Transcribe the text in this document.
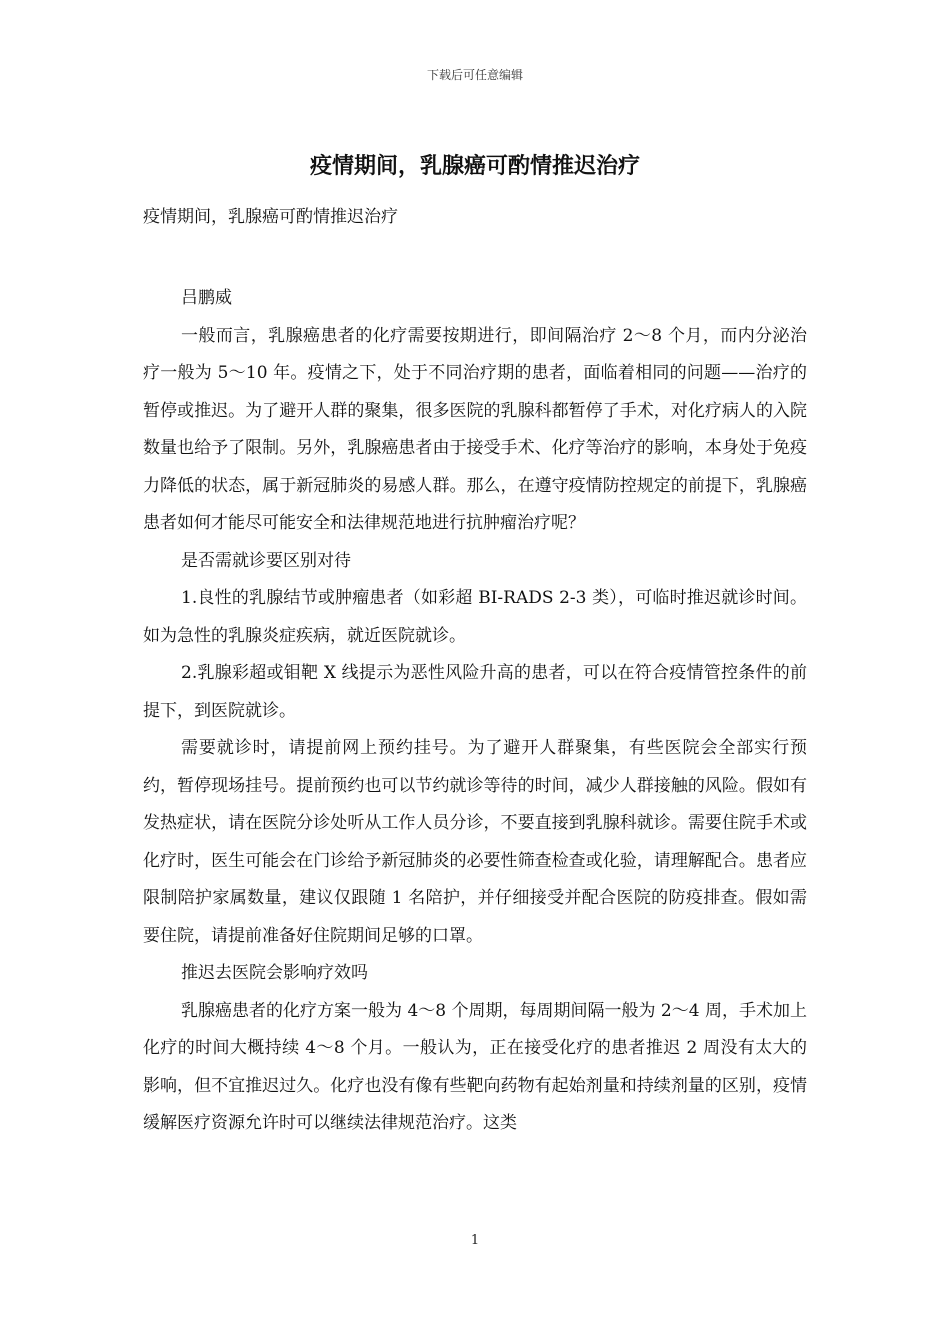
下载后可任意编辑
疫情期间，乳腺癌可酌情推迟治疗

疫情期间，乳腺癌可酌情推迟治疗

吕鹏威

一般而言，乳腺癌患者的化疗需要按期进行，即间隔治疗 2～8 个月，而内分泌治疗一般为 5～10 年。疫情之下，处于不同治疗期的患者，面临着相同的问题——治疗的暂停或推迟。为了避开人群的聚集，很多医院的乳腺科都暂停了手术，对化疗病人的入院数量也给予了限制。另外，乳腺癌患者由于接受手术、化疗等治疗的影响，本身处于免疫力降低的状态，属于新冠肺炎的易感人群。那么，在遵守疫情防控规定的前提下，乳腺癌患者如何才能尽可能安全和法律规范地进行抗肿瘤治疗呢？

是否需就诊要区别对待

1.良性的乳腺结节或肿瘤患者（如彩超 BI-RADS 2-3 类），可临时推迟就诊时间。如为急性的乳腺炎症疾病，就近医院就诊。

2.乳腺彩超或钼靶 X 线提示为恶性风险升高的患者，可以在符合疫情管控条件的前提下，到医院就诊。

需要就诊时，请提前网上预约挂号。为了避开人群聚集，有些医院会全部实行预约，暂停现场挂号。提前预约也可以节约就诊等待的时间，减少人群接触的风险。假如有发热症状，请在医院分诊处听从工作人员分诊，不要直接到乳腺科就诊。需要住院手术或化疗时，医生可能会在门诊给予新冠肺炎的必要性筛查检查或化验，请理解配合。患者应限制陪护家属数量，建议仅跟随 1 名陪护，并仔细接受并配合医院的防疫排查。假如需要住院，请提前准备好住院期间足够的口罩。

推迟去医院会影响疗效吗

乳腺癌患者的化疗方案一般为 4～8 个周期，每周期间隔一般为 2～4 周，手术加上化疗的时间大概持续 4～8 个月。一般认为，正在接受化疗的患者推迟 2 周没有太大的影响，但不宜推迟过久。化疗也没有像有些靶向药物有起始剂量和持续剂量的区别，疫情缓解医疗资源允许时可以继续法律规范治疗。这类

1
